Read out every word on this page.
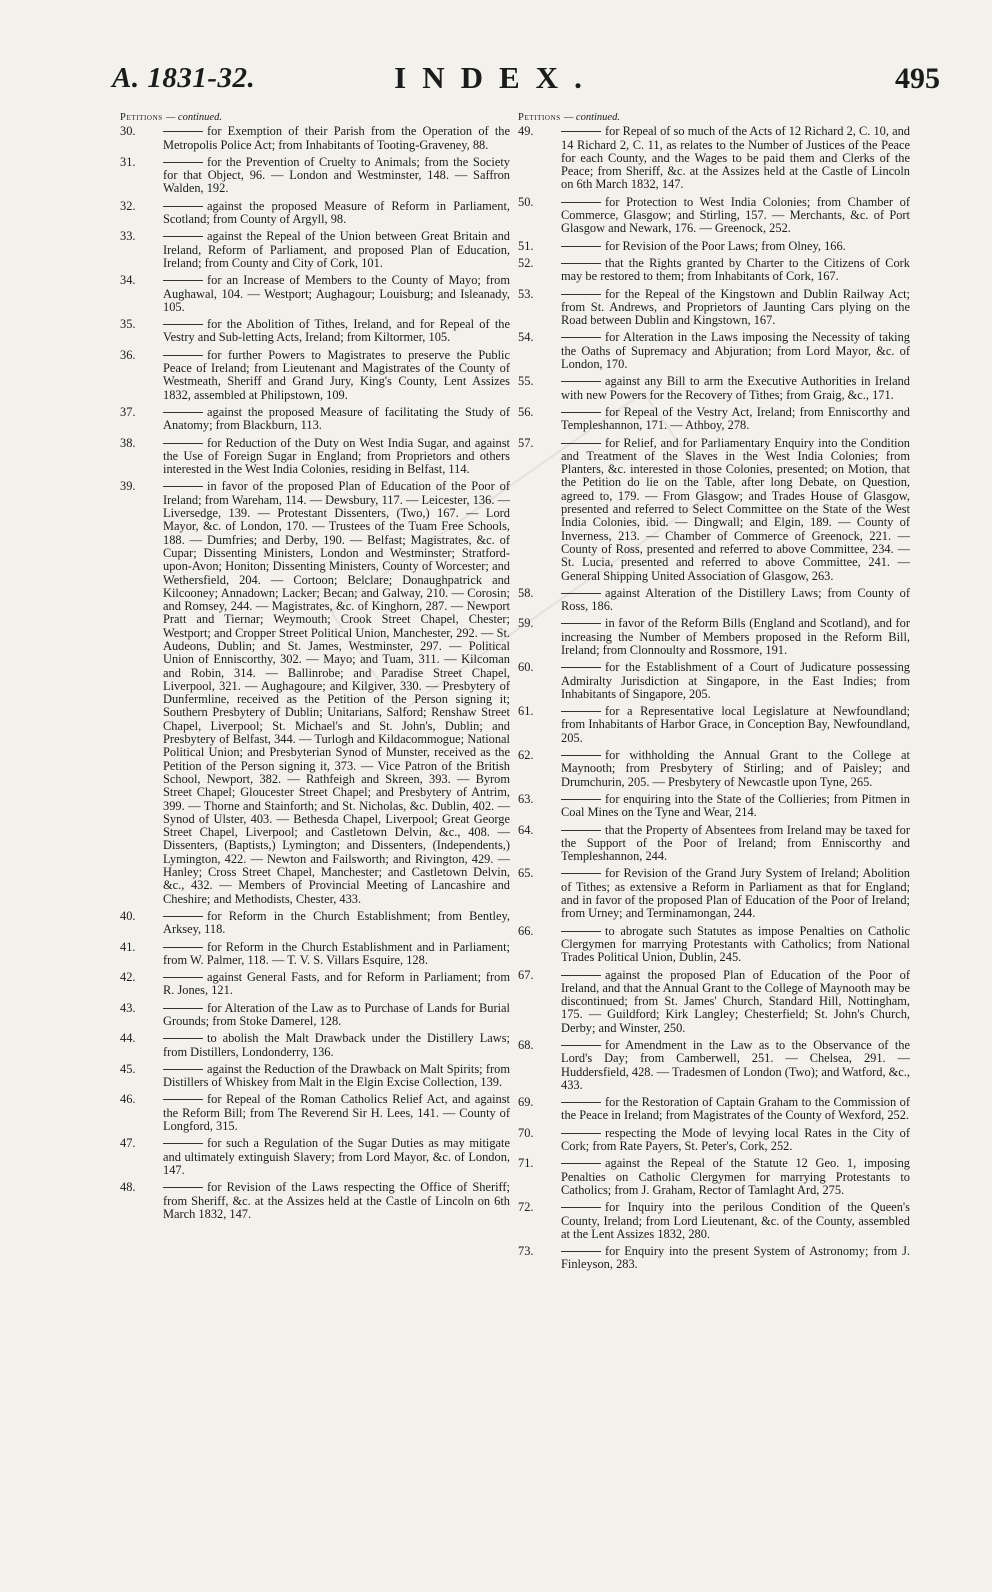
A. 1831-32.	INDEX.	495
Petitions — continued.
30.	for Exemption of their Parish from the Operation of the Metropolis Police Act; from Inhabitants of Tooting-Graveney, 88.
31.	for the Prevention of Cruelty to Animals; from the Society for that Object, 96. — London and Westminster, 148. — Saffron Walden, 192.
32.	against the proposed Measure of Reform in Parliament, Scotland; from County of Argyll, 98.
33.	against the Repeal of the Union between Great Britain and Ireland, Reform of Parliament, and proposed Plan of Education, Ireland; from County and City of Cork, 101.
34.	for an Increase of Members to the County of Mayo; from Aughawal, 104. — Westport; Aughagour; Louisburg; and Isleanady, 105.
35.	for the Abolition of Tithes, Ireland, and for Repeal of the Vestry and Sub-letting Acts, Ireland; from Kiltormer, 105.
36.	for further Powers to Magistrates to preserve the Public Peace of Ireland; from Lieutenant and Magistrates of the County of Westmeath, Sheriff and Grand Jury, King's County, Lent Assizes 1832, assembled at Philipstown, 109.
37.	against the proposed Measure of facilitating the Study of Anatomy; from Blackburn, 113.
38.	for Reduction of the Duty on West India Sugar, and against the Use of Foreign Sugar in England; from Proprietors and others interested in the West India Colonies, residing in Belfast, 114.
39.	in favor of the proposed Plan of Education of the Poor of Ireland; from Wareham, 114. — Dewsbury, 117. — Leicester, 136. — Liversedge, 139. — Protestant Dissenters, (Two,) 167. — Lord Mayor, &c. of London, 170. — Trustees of the Tuam Free Schools, 188. — Dumfries; and Derby, 190. — Belfast; Magistrates, &c. of Cupar; Dissenting Ministers, London and Westminster; Stratford-upon-Avon; Honiton; Dissenting Ministers, County of Worcester; and Wethersfield, 204. — Cortoon; Belclare; Donaughpatrick and Kilcooney; Annadown; Lacker; Becan; and Galway, 210. — Corosin; and Romsey, 244. — Magistrates, &c. of Kinghorn, 287. — Newport Pratt and Tiernar; Weymouth; Crook Street Chapel, Chester; Westport; and Cropper Street Political Union, Manchester, 292. — St. Audeons, Dublin; and St. James, Westminster, 297. — Political Union of Enniscorthy, 302. — Mayo; and Tuam, 311. — Kilcoman and Robin, 314. — Ballinrobe; and Paradise Street Chapel, Liverpool, 321. — Aughagoure; and Kilgiver, 330. — Presbytery of Dunfermline, received as the Petition of the Person signing it; Southern Presbytery of Dublin; Unitarians, Salford; Renshaw Street Chapel, Liverpool; St. Michael's and St. John's, Dublin; and Presbytery of Belfast, 344. — Turlogh and Kildacommogue; National Political Union; and Presbyterian Synod of Munster, received as the Petition of the Person signing it, 373. — Vice Patron of the British School, Newport, 382. — Rathfeigh and Skreen, 393. — Byrom Street Chapel; Gloucester Street Chapel; and Presbytery of Antrim, 399. — Thorne and Stainforth; and St. Nicholas, &c. Dublin, 402. — Synod of Ulster, 403. — Bethesda Chapel, Liverpool; Great George Street Chapel, Liverpool; and Castletown Delvin, &c., 408. — Dissenters, (Baptists,) Lymington; and Dissenters, (Independents,) Lymington, 422. — Newton and Failsworth; and Rivington, 429. — Hanley; Cross Street Chapel, Manchester; and Castletown Delvin, &c., 432. — Members of Provincial Meeting of Lancashire and Cheshire; and Methodists, Chester, 433.
40.	for Reform in the Church Establishment; from Bentley, Arksey, 118.
41.	for Reform in the Church Establishment and in Parliament; from W. Palmer, 118. — T. V. S. Villars Esquire, 128.
42.	against General Fasts, and for Reform in Parliament; from R. Jones, 121.
43.	for Alteration of the Law as to Purchase of Lands for Burial Grounds; from Stoke Damerel, 128.
44.	to abolish the Malt Drawback under the Distillery Laws; from Distillers, Londonderry, 136.
45.	against the Reduction of the Drawback on Malt Spirits; from Distillers of Whiskey from Malt in the Elgin Excise Collection, 139.
46.	for Repeal of the Roman Catholics Relief Act, and against the Reform Bill; from The Reverend Sir H. Lees, 141. — County of Longford, 315.
47.	for such a Regulation of the Sugar Duties as may mitigate and ultimately extinguish Slavery; from Lord Mayor, &c. of London, 147.
48.	for Revision of the Laws respecting the Office of Sheriff; from Sheriff, &c. at the Assizes held at the Castle of Lincoln on 6th March 1832, 147.
Petitions — continued.
49.	for Repeal of so much of the Acts of 12 Richard 2, C. 10, and 14 Richard 2, C. 11, as relates to the Number of Justices of the Peace for each County, and the Wages to be paid them and Clerks of the Peace; from Sheriff, &c. at the Assizes held at the Castle of Lincoln on 6th March 1832, 147.
50.	for Protection to West India Colonies; from Chamber of Commerce, Glasgow; and Stirling, 157. — Merchants, &c. of Port Glasgow and Newark, 176. — Greenock, 252.
51.	for Revision of the Poor Laws; from Olney, 166.
52.	that the Rights granted by Charter to the Citizens of Cork may be restored to them; from Inhabitants of Cork, 167.
53.	for the Repeal of the Kingstown and Dublin Railway Act; from St. Andrews, and Proprietors of Jaunting Cars plying on the Road between Dublin and Kingstown, 167.
54.	for Alteration in the Laws imposing the Necessity of taking the Oaths of Supremacy and Abjuration; from Lord Mayor, &c. of London, 170.
55.	against any Bill to arm the Executive Authorities in Ireland with new Powers for the Recovery of Tithes; from Graig, &c., 171.
56.	for Repeal of the Vestry Act, Ireland; from Enniscorthy and Templeshannon, 171. — Athboy, 278.
57.	for Relief, and for Parliamentary Enquiry into the Condition and Treatment of the Slaves in the West India Colonies; from Planters, &c. interested in those Colonies, presented; on Motion, that the Petition do lie on the Table, after long Debate, on Question, agreed to, 179. — From Glasgow; and Trades House of Glasgow, presented and referred to Select Committee on the State of the West India Colonies, ibid. — Dingwall; and Elgin, 189. — County of Inverness, 213. — Chamber of Commerce of Greenock, 221. — County of Ross, presented and referred to above Committee, 234. — St. Lucia, presented and referred to above Committee, 241. — General Shipping United Association of Glasgow, 263.
58.	against Alteration of the Distillery Laws; from County of Ross, 186.
59.	in favor of the Reform Bills (England and Scotland), and for increasing the Number of Members proposed in the Reform Bill, Ireland; from Clonnoulty and Rossmore, 191.
60.	for the Establishment of a Court of Judicature possessing Admiralty Jurisdiction at Singapore, in the East Indies; from Inhabitants of Singapore, 205.
61.	for a Representative local Legislature at Newfoundland; from Inhabitants of Harbor Grace, in Conception Bay, Newfoundland, 205.
62.	for withholding the Annual Grant to the College at Maynooth; from Presbytery of Stirling; and of Paisley; and Drumchurin, 205. — Presbytery of Newcastle upon Tyne, 265.
63.	for enquiring into the State of the Collieries; from Pitmen in Coal Mines on the Tyne and Wear, 214.
64.	that the Property of Absentees from Ireland may be taxed for the Support of the Poor of Ireland; from Enniscorthy and Templeshannon, 244.
65.	for Revision of the Grand Jury System of Ireland; Abolition of Tithes; as extensive a Reform in Parliament as that for England; and in favor of the proposed Plan of Education of the Poor of Ireland; from Urney; and Terminamongan, 244.
66.	to abrogate such Statutes as impose Penalties on Catholic Clergymen for marrying Protestants with Catholics; from National Trades Political Union, Dublin, 245.
67.	against the proposed Plan of Education of the Poor of Ireland, and that the Annual Grant to the College of Maynooth may be discontinued; from St. James' Church, Standard Hill, Nottingham, 175. — Guildford; Kirk Langley; Chesterfield; St. John's Church, Derby; and Winster, 250.
68.	for Amendment in the Law as to the Observance of the Lord's Day; from Camberwell, 251. — Chelsea, 291. — Huddersfield, 428. — Tradesmen of London (Two); and Watford, &c., 433.
69.	for the Restoration of Captain Graham to the Commission of the Peace in Ireland; from Magistrates of the County of Wexford, 252.
70.	respecting the Mode of levying local Rates in the City of Cork; from Rate Payers, St. Peter's, Cork, 252.
71.	against the Repeal of the Statute 12 Geo. 1, imposing Penalties on Catholic Clergymen for marrying Protestants to Catholics; from J. Graham, Rector of Tamlaght Ard, 275.
72.	for Inquiry into the perilous Condition of the Queen's County, Ireland; from Lord Lieutenant, &c. of the County, assembled at the Lent Assizes 1832, 280.
73.	for Enquiry into the present System of Astronomy; from J. Finleyson, 283.
